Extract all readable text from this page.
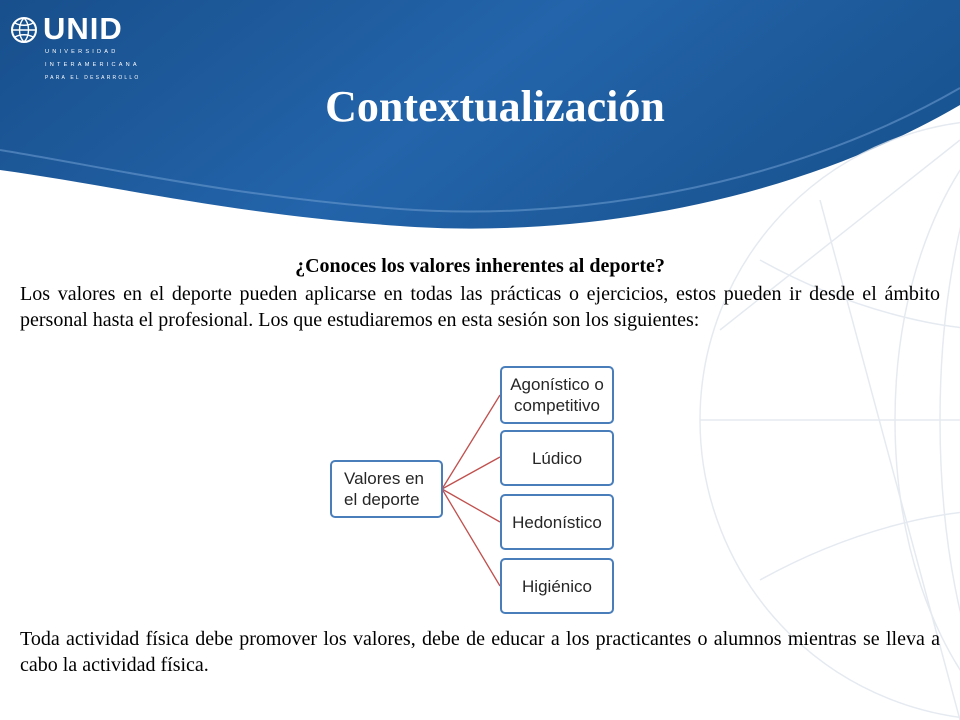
UNID
UNIVERSIDAD
INTERAMERICANA
PARA EL DESARROLLO
Contextualización
¿Conoces los valores inherentes al deporte?

Los valores en el deporte pueden aplicarse en todas las prácticas o ejercicios, estos pueden ir desde el ámbito personal hasta el profesional. Los que estudiaremos en esta sesión son los siguientes:

Valores en el deporte
Agonístico o competitivo
Lúdico
Hedonístico
Higiénico

Toda actividad física debe promover los valores, debe de educar a los practicantes o alumnos mientras se lleva a cabo la actividad física.
